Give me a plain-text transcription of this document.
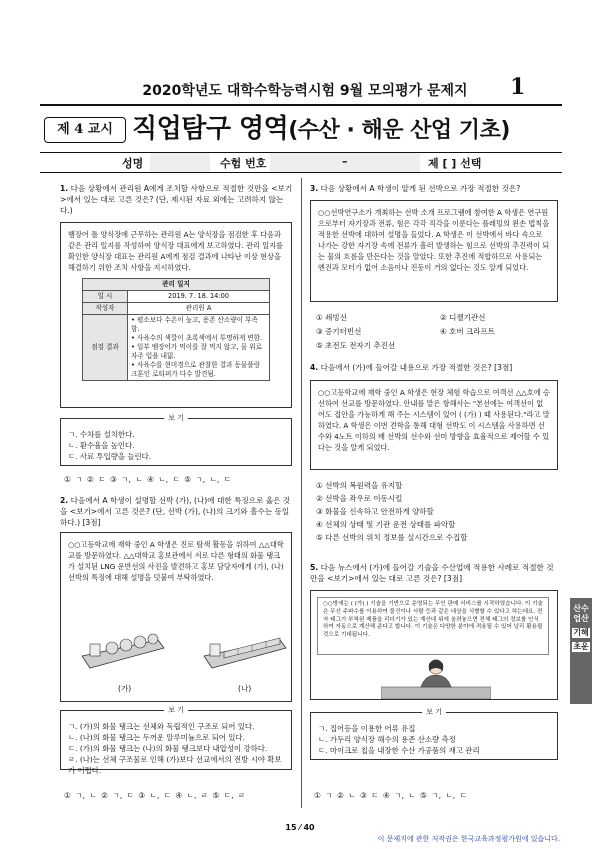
2020학년도 대학수학능력시험 9월 모의평가 문제지 1
제 4 교시 직업탐구 영역(수산 · 해운 산업 기초)
성명	수험 번호	–	제 [ ] 선택
1. 다음 상황에서 관리원 A에게 조치할 사항으로 적절한 것만을 <보기>에서 있는 대로 고른 것은? (단, 제시된 자료 외에는 고려하지 않는다.)
뱀장어 틀 양식장에 근무하는 관리원 A는 양식장을 점검한 후 다음과 같은 관리 일지를 작성하여 양식장 대표에게 보고하였다. 관리 일지를 확인한 양식장 대표는 관리원 A에게 점검 결과에 나타난 이상 현상을 해결하기 위한 조치 사항을 지시하였다.
관리 일지	
일 시	2019. 7. 18. 14:00
작성자	관리원 A
점검 결과	• 평소보다 수온이 높고, 용존 산소량이 부족함.
• 사육수의 색깔이 초록색에서 투명하게 변함.
• 일부 뱀장어가 먹이를 잘 먹지 않고, 물 위로 자주 입을 내밂.
• 사육수를 현미경으로 관찰한 결과 동물플랑크톤인 로티퍼가 다수 발견됨.
보 기
ㄱ. 수차를 설치한다.
ㄴ. 환수율을 높인다.
ㄷ. 사료 투입량을 늘린다.
① ㄱ ② ㄷ ③ ㄱ, ㄴ ④ ㄴ, ㄷ ⑤ ㄱ, ㄴ, ㄷ
2. 다음에서 A 학생이 설명할 선박 (가), (나)에 대한 특징으로 옳은 것을 <보기>에서 고른 것은? (단, 선박 (가), (나)의 크기와 흘수는 동일하다.) [3점]
○○고등학교에 재학 중인 A 학생은 진로 탐색 활동을 위하여 △△대학교를 방문하였다. △△대학교 홍보관에서 서로 다른 형태의 화물 탱크가 설치된 LNG 운반선의 사진을 발견하고 홍보 담당자에게 (가), (나) 선박의 특징에 대해 설명을 덧붙여 부탁하였다.
(가)	(나)
보 기
ㄱ. (가)의 화물 탱크는 선체와 독립적인 구조로 되어 있다.
ㄴ. (나)의 화물 탱크는 두꺼운 알루미늄으로 되어 있다.
ㄷ. (가)의 화물 탱크는 (나)의 화물 탱크보다 내압성이 강하다.
ㄹ. (나)는 선체 구조물로 인해 (가)보다 선교에서의 전방 시야 확보가 어렵다.
① ㄱ, ㄴ ② ㄱ, ㄷ ③ ㄴ, ㄷ ④ ㄴ, ㄹ ⑤ ㄷ, ㄹ
3. 다음 상황에서 A 학생이 알게 된 선박으로 가장 적절한 것은?
○○선박연구소가 개최하는 선박 소개 프로그램에 참여한 A 학생은 연구원으로부터 자기장과 전류, 힘은 각각 직각을 이룬다는 플레밍의 왼손 법칙을 적용한 선박에 대하여 설명을 들었다. A 학생은 이 선박에서 바다 속으로 나가는 강한 자기장 속에 전류가 흘러 발생하는 힘으로 선박의 추진력이 되는 물의 흐름을 만든다는 것을 알았다. 또한 추진에 적합하므로 사용되는 엔진과 모터가 없어 소음이나 진동이 거의 없다는 것도 알게 되었다.
① 쇄빙선	② 디젤기관선
③ 증기터빈선	④ 호버 크라프트
⑤ 초전도 전자기 추진선
4. 다음에서 (가)에 들어갈 내용으로 가장 적절한 것은? [3점]
○○고등학교에 재학 중인 A 학생은 현장 체험 학습으로 여객선 △△호에 승선하여 선교를 방문하였다. 안내를 맡은 항해사는 "본선에는 여객선이 없어도 접안을 가능하게 해 주는 시스템이 있어 ( (가) ) 때 사용된다."라고 말하였다. A 학생은 이번 견학을 통해 대형 선박도 이 시스템을 사용하면 선수와 4노트 이하의 배 선박의 선수와 선미 방향을 효율적으로 제어할 수 있다는 것을 알게 되었다.
① 선박의 복원력을 유지할
② 선박을 좌우로 이동시킬
③ 화물을 신속하고 안전하게 양하할
④ 선체의 상태 및 기관 운전 상태를 파악할
⑤ 다른 선박의 위치 정보를 실시간으로 수집할
5. 다음 뉴스에서 (가)에 들어갈 기술을 수산업에 적용한 사례로 적절한 것만을 <보기>에서 있는 대로 고른 것은? [3점]
○○방에는 ( (가) ) 기술을 기반으로 운영되는 무인 판매 서비스를 시작하였습니다. 이 기술은 무선 주파수를 이용하여 물건이나 사람 등과 같은 대상을 식별할 수 있다고 하는데요. 전자 태그가 부착된 제품을 리더기가 있는 계산대 위에 올려놓으면 전체 태그의 정보를 인식하여 자동으로 계산해 준다고 합니다. 이 기술은 다양한 분야에 적용될 수 있어 널리 활용될 것으로 기대됩니다.
보 기
ㄱ. 집어등을 이용한 어류 유집
ㄴ. 가두리 양식장 해수의 용존 산소량 측정
ㄷ. 마이크로 칩을 내장한 수산 가공품의 재고 관리
① ㄱ ② ㄴ ③ ㄷ ④ ㄱ, ㄴ ⑤ ㄱ, ㄴ, ㄷ
산수
업산
기해
초운
15 ⁄ 40
이 문제지에 관한 저작권은 한국교육과정평가원에 있습니다.
